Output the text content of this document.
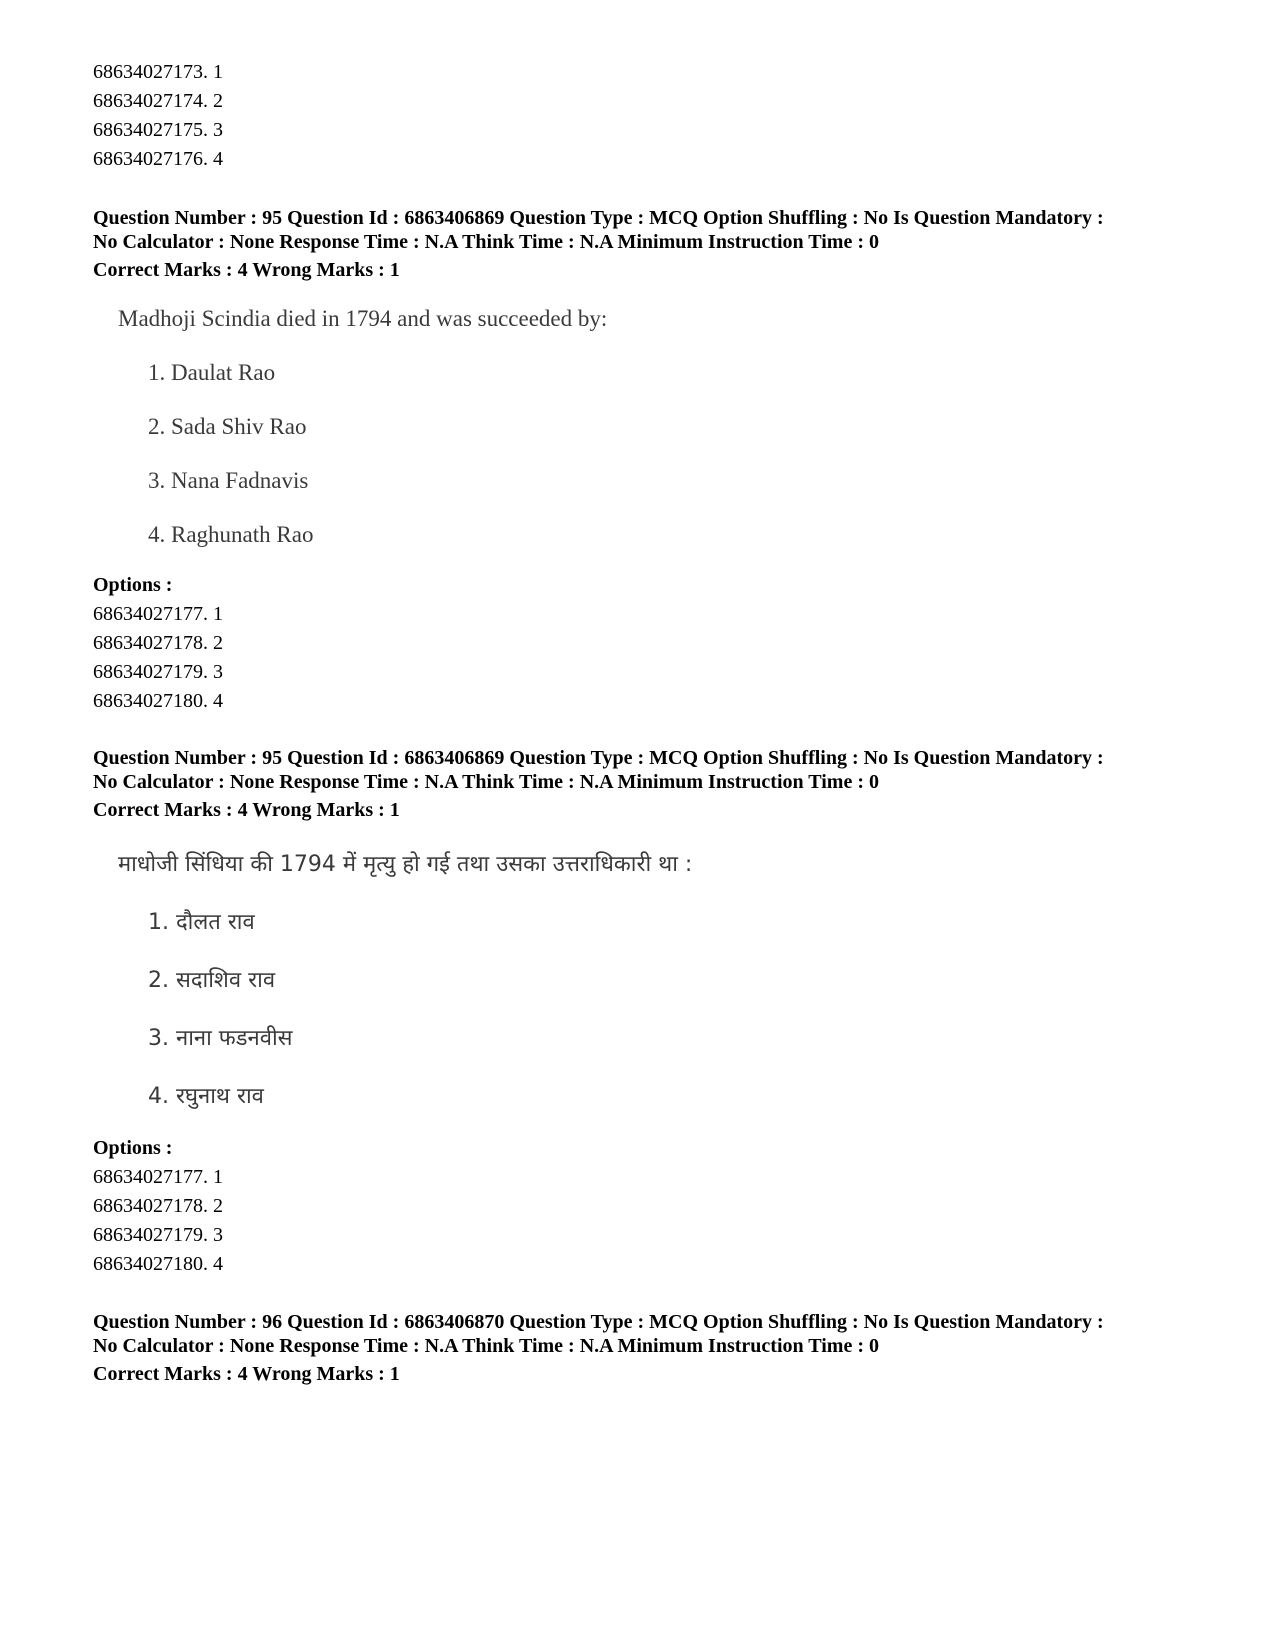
68634027173. 1
68634027174. 2
68634027175. 3
68634027176. 4
Question Number : 95 Question Id : 6863406869 Question Type : MCQ Option Shuffling : No Is Question Mandatory :
No Calculator : None Response Time : N.A Think Time : N.A Minimum Instruction Time : 0
Correct Marks : 4 Wrong Marks : 1
Madhoji Scindia died in 1794 and was succeeded by:
1. Daulat Rao
2. Sada Shiv Rao
3. Nana Fadnavis
4. Raghunath Rao
Options :
68634027177. 1
68634027178. 2
68634027179. 3
68634027180. 4
Question Number : 95 Question Id : 6863406869 Question Type : MCQ Option Shuffling : No Is Question Mandatory :
No Calculator : None Response Time : N.A Think Time : N.A Minimum Instruction Time : 0
Correct Marks : 4 Wrong Marks : 1
माधोजी सिंधिया की 1794 में मृत्यु हो गई तथा उसका उत्तराधिकारी था :
1. दौलत राव
2. सदाशिव राव
3. नाना फडनवीस
4. रघुनाथ राव
Options :
68634027177. 1
68634027178. 2
68634027179. 3
68634027180. 4
Question Number : 96 Question Id : 6863406870 Question Type : MCQ Option Shuffling : No Is Question Mandatory :
No Calculator : None Response Time : N.A Think Time : N.A Minimum Instruction Time : 0
Correct Marks : 4 Wrong Marks : 1
